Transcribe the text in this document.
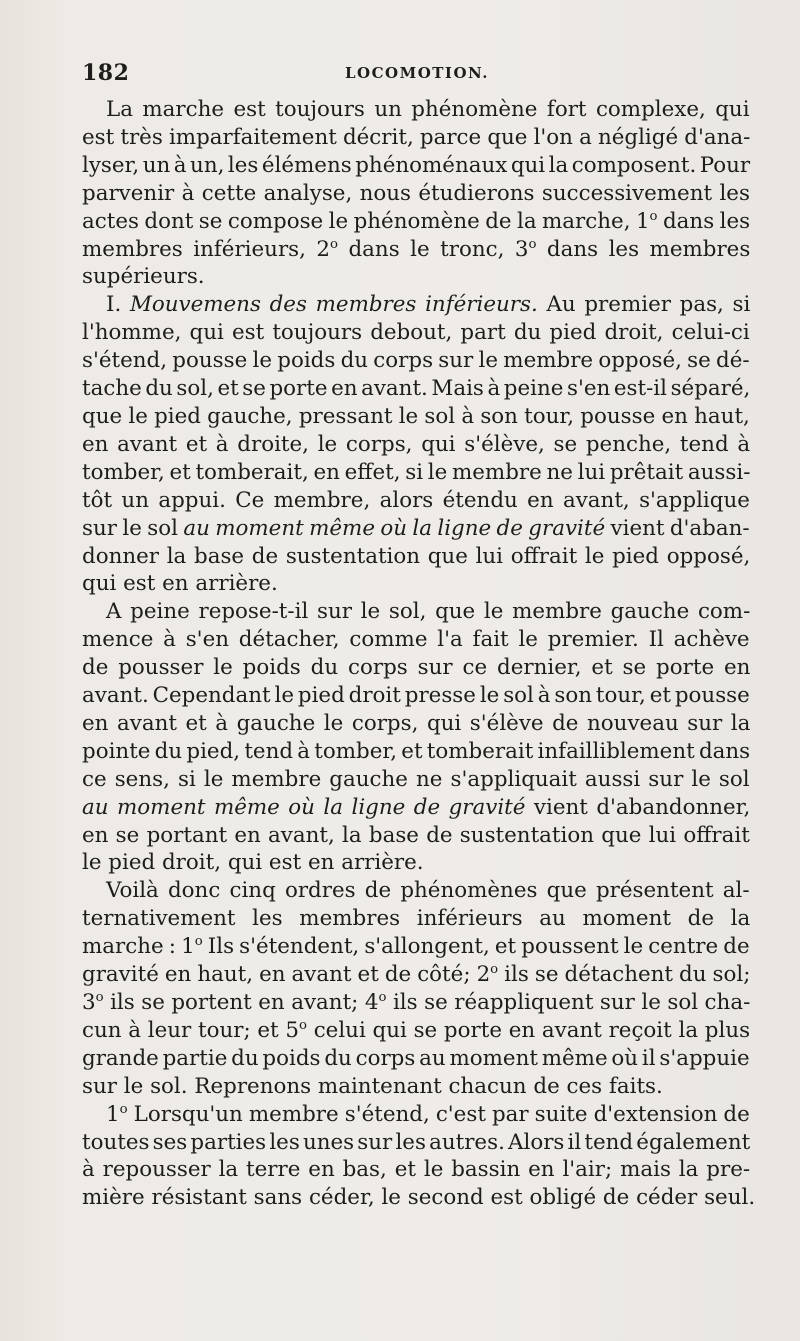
182	LOCOMOTION.
La marche est toujours un phénomène fort complexe, qui
est très imparfaitement décrit, parce que l'on a négligé d'ana-
lyser, un à un, les élémens phénoménaux qui la composent. Pour
parvenir à cette analyse, nous étudierons successivement les
actes dont se compose le phénomène de la marche, 1$^o$ dans les
membres inférieurs, 2$^o$ dans le tronc, 3$^o$ dans les membres
supérieurs.
I. Mouvemens des membres inférieurs. Au premier pas, si
l'homme, qui est toujours debout, part du pied droit, celui-ci
s'étend, pousse le poids du corps sur le membre opposé, se dé-
tache du sol, et se porte en avant. Mais à peine s'en est-il séparé,
que le pied gauche, pressant le sol à son tour, pousse en haut,
en avant et à droite, le corps, qui s'élève, se penche, tend à
tomber, et tomberait, en effet, si le membre ne lui prêtait aussi-
tôt un appui. Ce membre, alors étendu en avant, s'applique
sur le sol au moment même où la ligne de gravité vient d'aban-
donner la base de sustentation que lui offrait le pied opposé,
qui est en arrière.
A peine repose-t-il sur le sol, que le membre gauche com-
mence à s'en détacher, comme l'a fait le premier. Il achève
de pousser le poids du corps sur ce dernier, et se porte en
avant. Cependant le pied droit presse le sol à son tour, et pousse
en avant et à gauche le corps, qui s'élève de nouveau sur la
pointe du pied, tend à tomber, et tomberait infailliblement dans
ce sens, si le membre gauche ne s'appliquait aussi sur le sol
au moment même où la ligne de gravité vient d'abandonner,
en se portant en avant, la base de sustentation que lui offrait
le pied droit, qui est en arrière.
Voilà donc cinq ordres de phénomènes que présentent al-
ternativement les membres inférieurs au moment de la
marche : 1$^o$ Ils s'étendent, s'allongent, et poussent le centre de
gravité en haut, en avant et de côté; 2$^o$ ils se détachent du sol;
3$^o$ ils se portent en avant; 4$^o$ ils se réappliquent sur le sol cha-
cun à leur tour; et 5$^o$ celui qui se porte en avant reçoit la plus
grande partie du poids du corps au moment même où il s'appuie
sur le sol. Reprenons maintenant chacun de ces faits.
1$^o$ Lorsqu'un membre s'étend, c'est par suite d'extension de
toutes ses parties les unes sur les autres. Alors il tend également
à repousser la terre en bas, et le bassin en l'air; mais la pre-
mière résistant sans céder, le second est obligé de céder seul.
